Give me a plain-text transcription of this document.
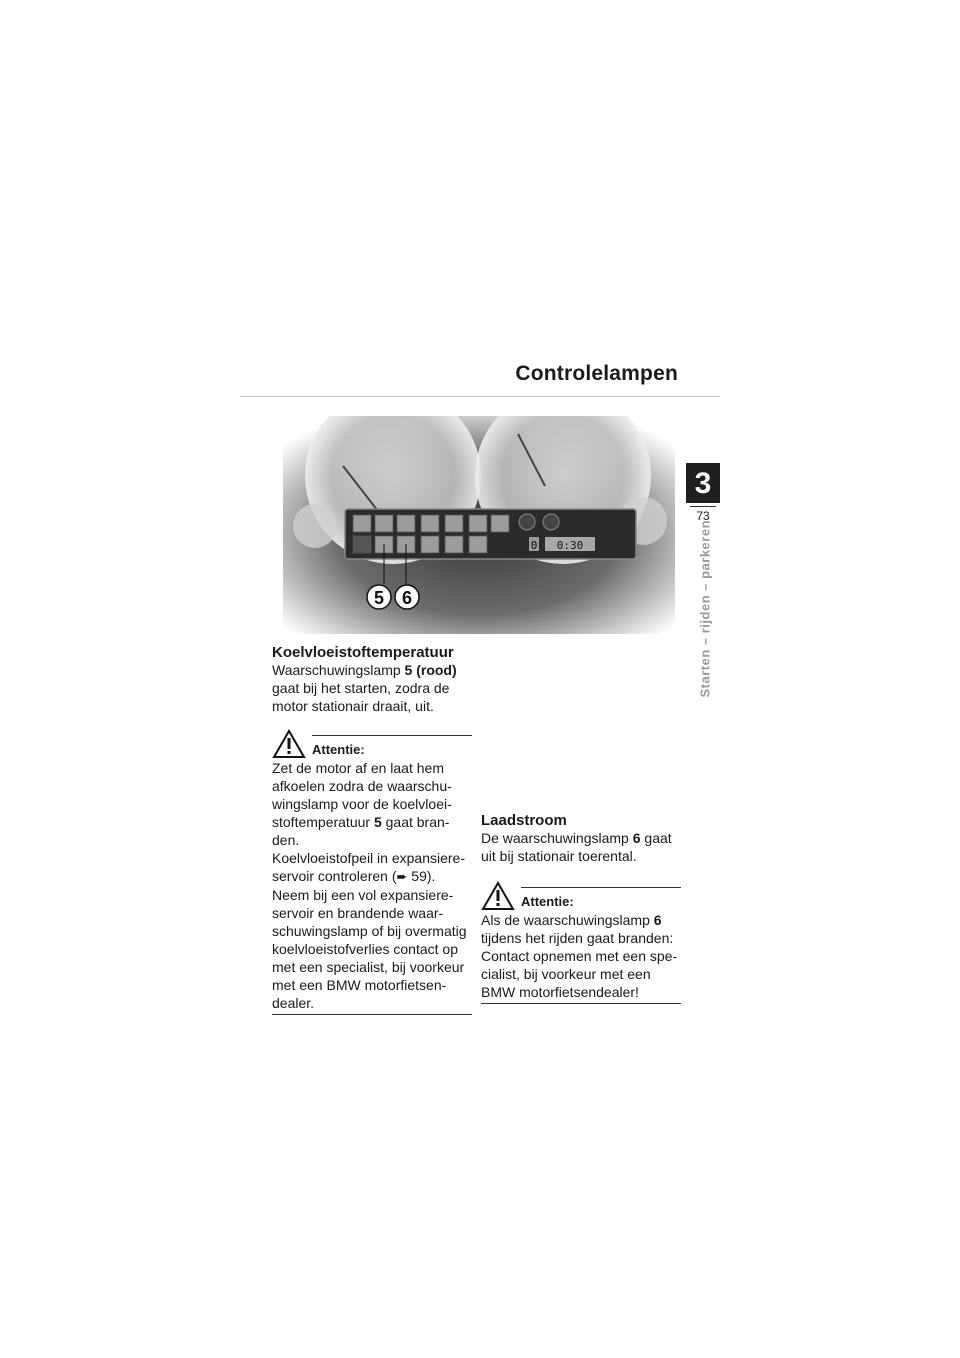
Controlelampen
3
73
Starten – rijden – parkeren
0 0:30
5 6
Koelvloeistoftemperatuur
Waarschuwingslamp 5 (rood)
gaat bij het starten, zodra de motor stationair draait, uit.
Attentie:
Zet de motor af en laat hem afkoelen zodra de waarschu-wingslamp voor de koelvloei-stoftemperatuur 5 gaat bran-den.
Koelvloeistofpeil in expansiere-servoir controleren (➨ 59).
Neem bij een vol expansiere-servoir en brandende waar-schuwingslamp of bij overmatig koelvloeistofverlies contact op met een specialist, bij voorkeur met een BMW motorfietsen-dealer.
Laadstroom
De waarschuwingslamp 6 gaat uit bij stationair toerental.
Attentie:
Als de waarschuwingslamp 6
tijdens het rijden gaat branden: Contact opnemen met een spe-cialist, bij voorkeur met een BMW motorfietsendealer!
